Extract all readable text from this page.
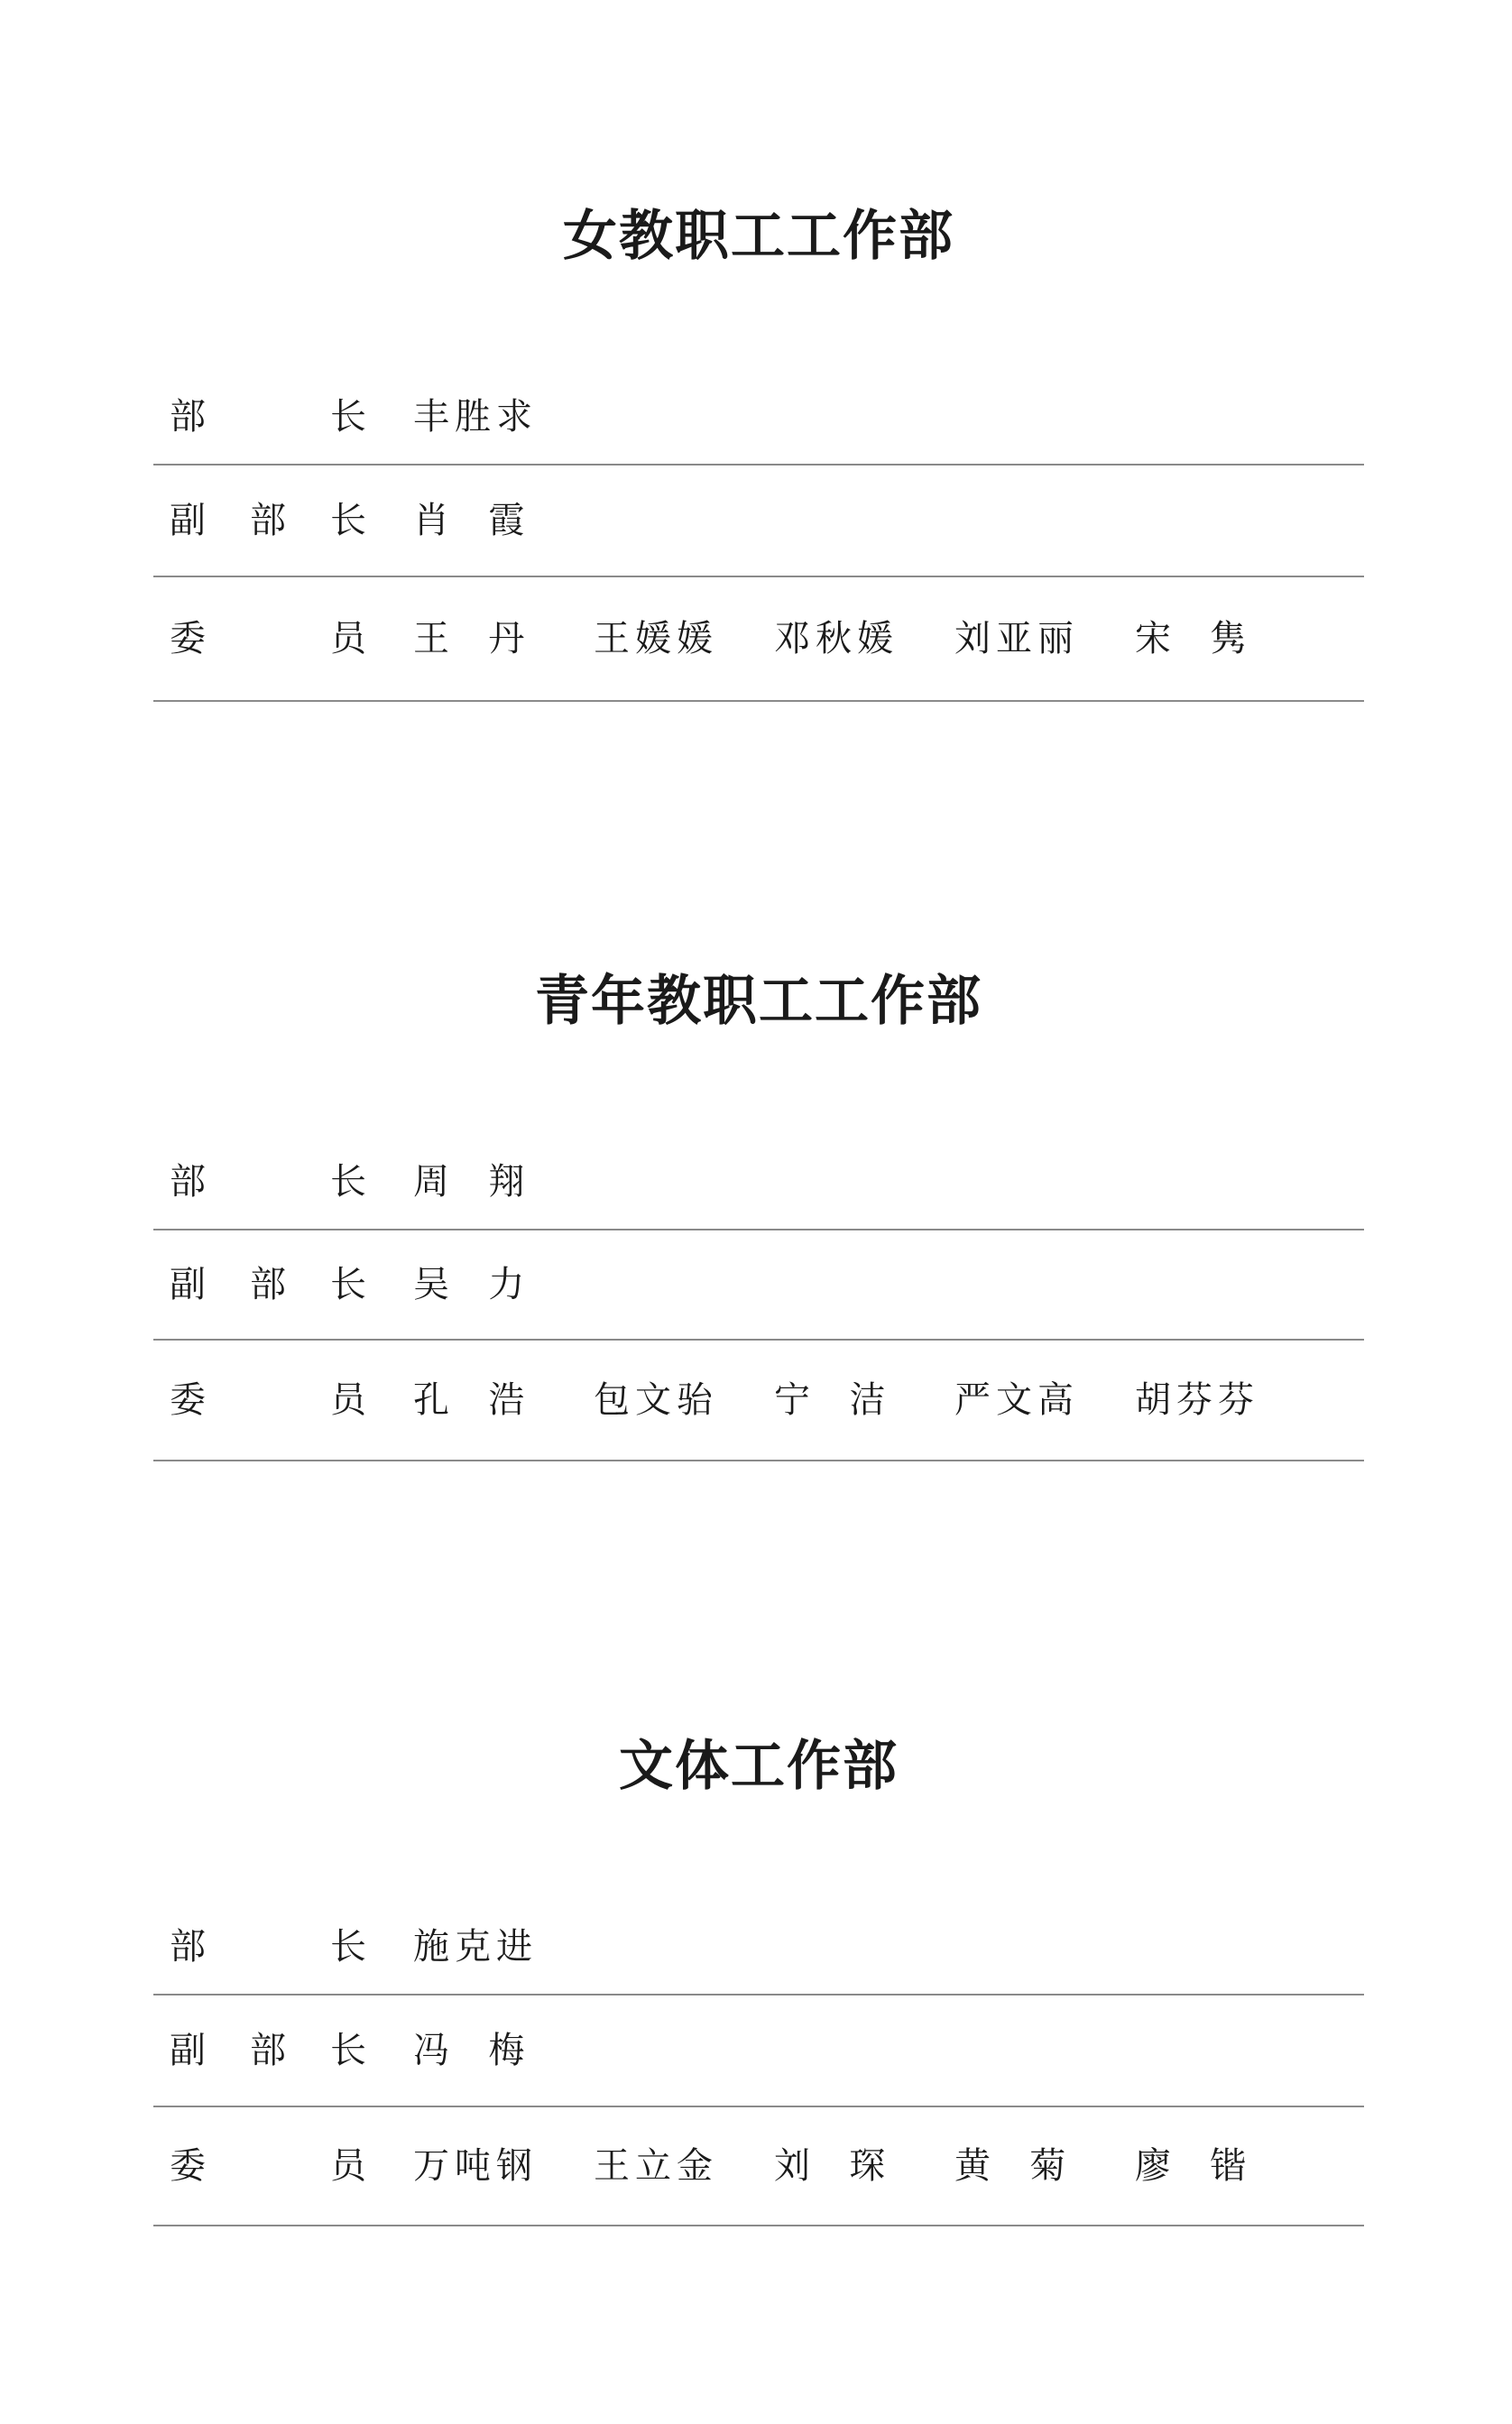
女教职工工作部
部	长	丰胜求
副	部	长	肖  霞
委	员	王  丹	王媛媛	邓秋媛	刘亚丽	宋  隽
青年教职工工作部
部	长	周  翔
副	部	长	吴  力
委	员	孔  浩	包文骀	宁  洁	严文高	胡芬芬
文体工作部
部	长	施克进
副	部	长	冯  梅
委	员	万吨钢	王立金	刘  琛	黄  菊	廖  锴
